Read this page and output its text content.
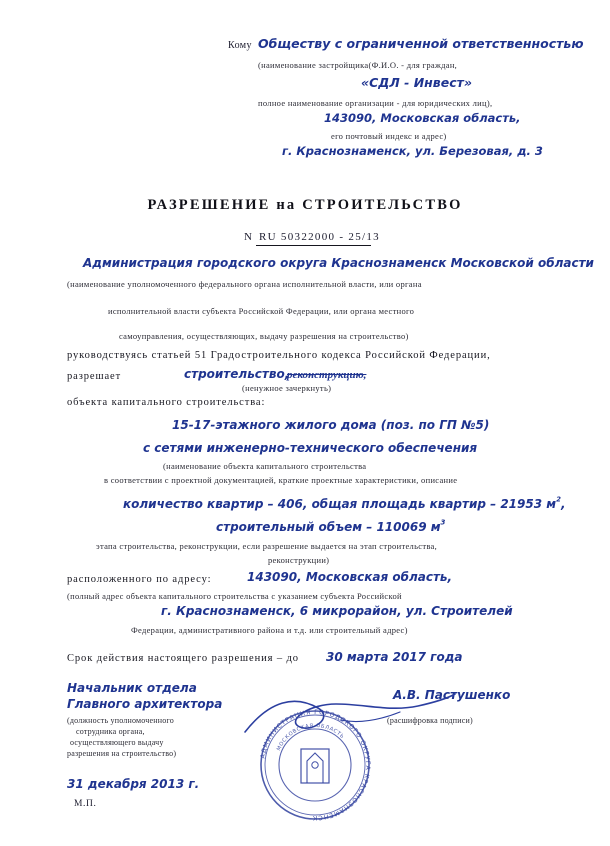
Кому Обществу с ограниченной ответственностью
(наименование застройщика(Ф.И.О. - для граждан,
«СДЛ - Инвест»
полное наименование организации - для юридических лиц),
143090, Московская область,
его почтовый индекс и адрес)
г. Краснознаменск, ул. Березовая, д. 3
РАЗРЕШЕНИЕ на СТРОИТЕЛЬСТВО
N RU 50322000 - 25/13
Администрация городского округа Краснознаменск Московской области
(наименование уполномоченного федерального органа исполнительной власти, или органа
исполнительной власти субъекта Российской Федерации, или органа местного
самоуправления, осуществляющих, выдачу разрешения на строительство)
руководствуясь статьей 51 Градостроительного кодекса Российской Федерации,
разрешает	строительство,
реконструкцию,
(ненужное зачеркнуть)
объекта капитального строительства:
15-17-этажного жилого дома (поз. по ГП №5)
с сетями инженерно-технического обеспечения
(наименование объекта капитального строительства
в соответствии с проектной документацией, краткие проектные характеристики, описание
количество квартир – 406, общая площадь квартир – 21953 $м^2$,
строительный объем – 110069 $м^3$
этапа строительства, реконструкции, если разрешение выдается на этап строительства,
реконструкции)
расположенного по адресу:	143090, Московская область,
(полный адрес объекта капитального строительства с указанием субъекта Российской
г. Краснознаменск, 6 микрорайон, ул. Строителей
Федерации, административного района и т.д. или строительный адрес)
Срок действия настоящего разрешения – до 30 марта 2017 года
Начальник отдела
Главного архитектора
(должность уполномоченного
сотрудника органа,
осуществляющего выдачу
разрешения на строительство)
А.В. Пастушенко
(расшифровка подписи)
АДМИНИСТРАЦИЯ ГОРОДСКОГО ОКРУГА КРАСНОЗНАМЕНСК
МОСКОВСКАЯ ОБЛАСТЬ
31 декабря 2013 г.
М.П.
